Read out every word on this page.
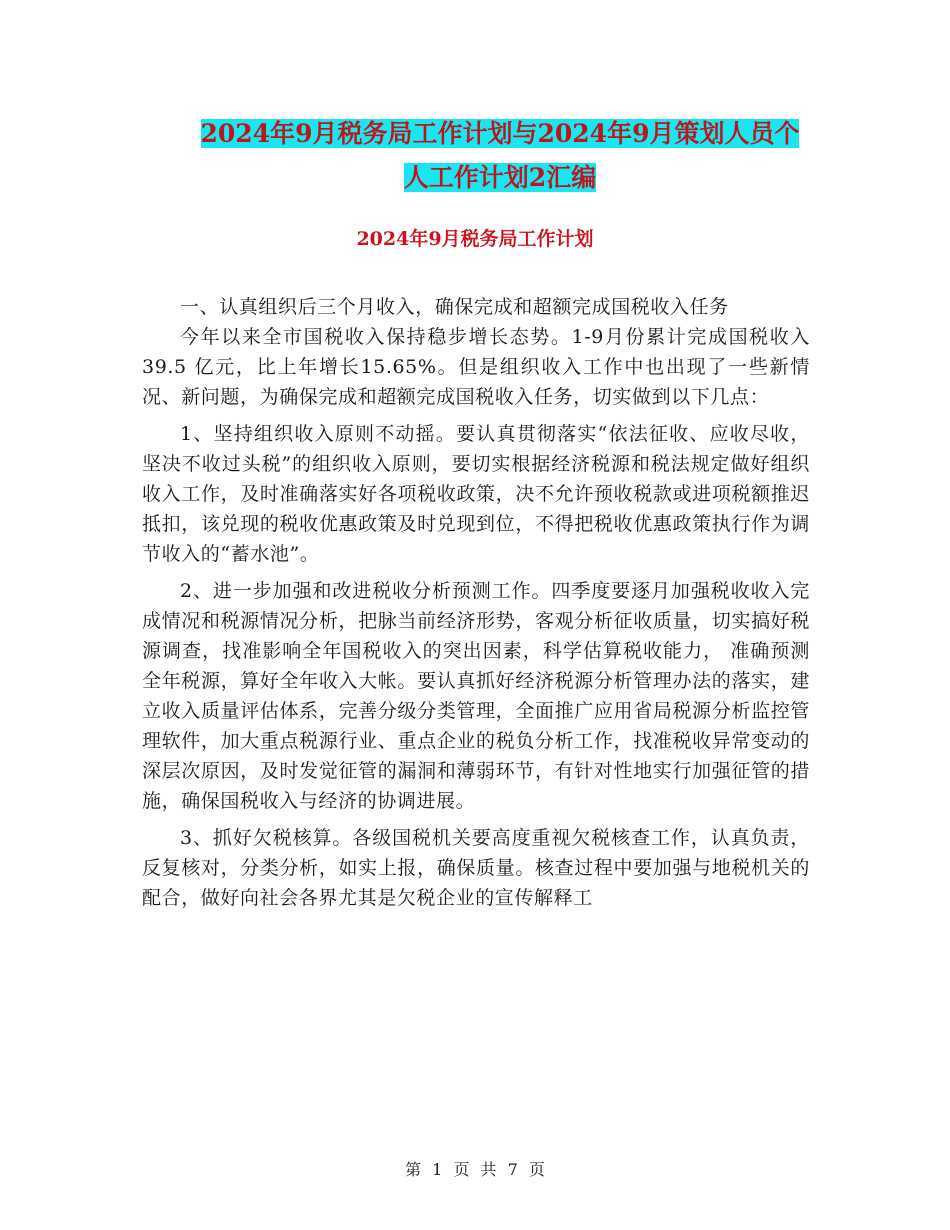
2024年9月税务局工作计划与2024年9月策划人员个
人工作计划2汇编
2024年9月税务局工作计划

一、认真组织后三个月收入，确保完成和超额完成国税收入任务

今年以来全市国税收入保持稳步增长态势。1-9月份累计完成国税收入39.5 亿元，比上年增长15.65%。但是组织收入工作中也出现了一些新情况、新问题，为确保完成和超额完成国税收入任务，切实做到以下几点：

1、坚持组织收入原则不动摇。要认真贯彻落实“依法征收、应收尽收，坚决不收过头税”的组织收入原则，要切实根据经济税源和税法规定做好组织收入工作，及时准确落实好各项税收政策，决不允许预收税款或进项税额推迟抵扣，该兑现的税收优惠政策及时兑现到位，不得把税收优惠政策执行作为调节收入的“蓄水池”。

2、进一步加强和改进税收分析预测工作。四季度要逐月加强税收收入完成情况和税源情况分析，把脉当前经济形势，客观分析征收质量，切实搞好税源调查，找准影响全年国税收入的突出因素，科学估算税收能力， 准确预测全年税源，算好全年收入大帐。要认真抓好经济税源分析管理办法的落实，建立收入质量评估体系，完善分级分类管理，全面推广应用省局税源分析监控管理软件，加大重点税源行业、重点企业的税负分析工作，找准税收异常变动的深层次原因，及时发觉征管的漏洞和薄弱环节，有针对性地实行加强征管的措施，确保国税收入与经济的协调进展。

3、抓好欠税核算。各级国税机关要高度重视欠税核查工作，认真负责，反复核对，分类分析，如实上报，确保质量。核查过程中要加强与地税机关的配合，做好向社会各界尤其是欠税企业的宣传解释工

第 1 页 共 7 页
